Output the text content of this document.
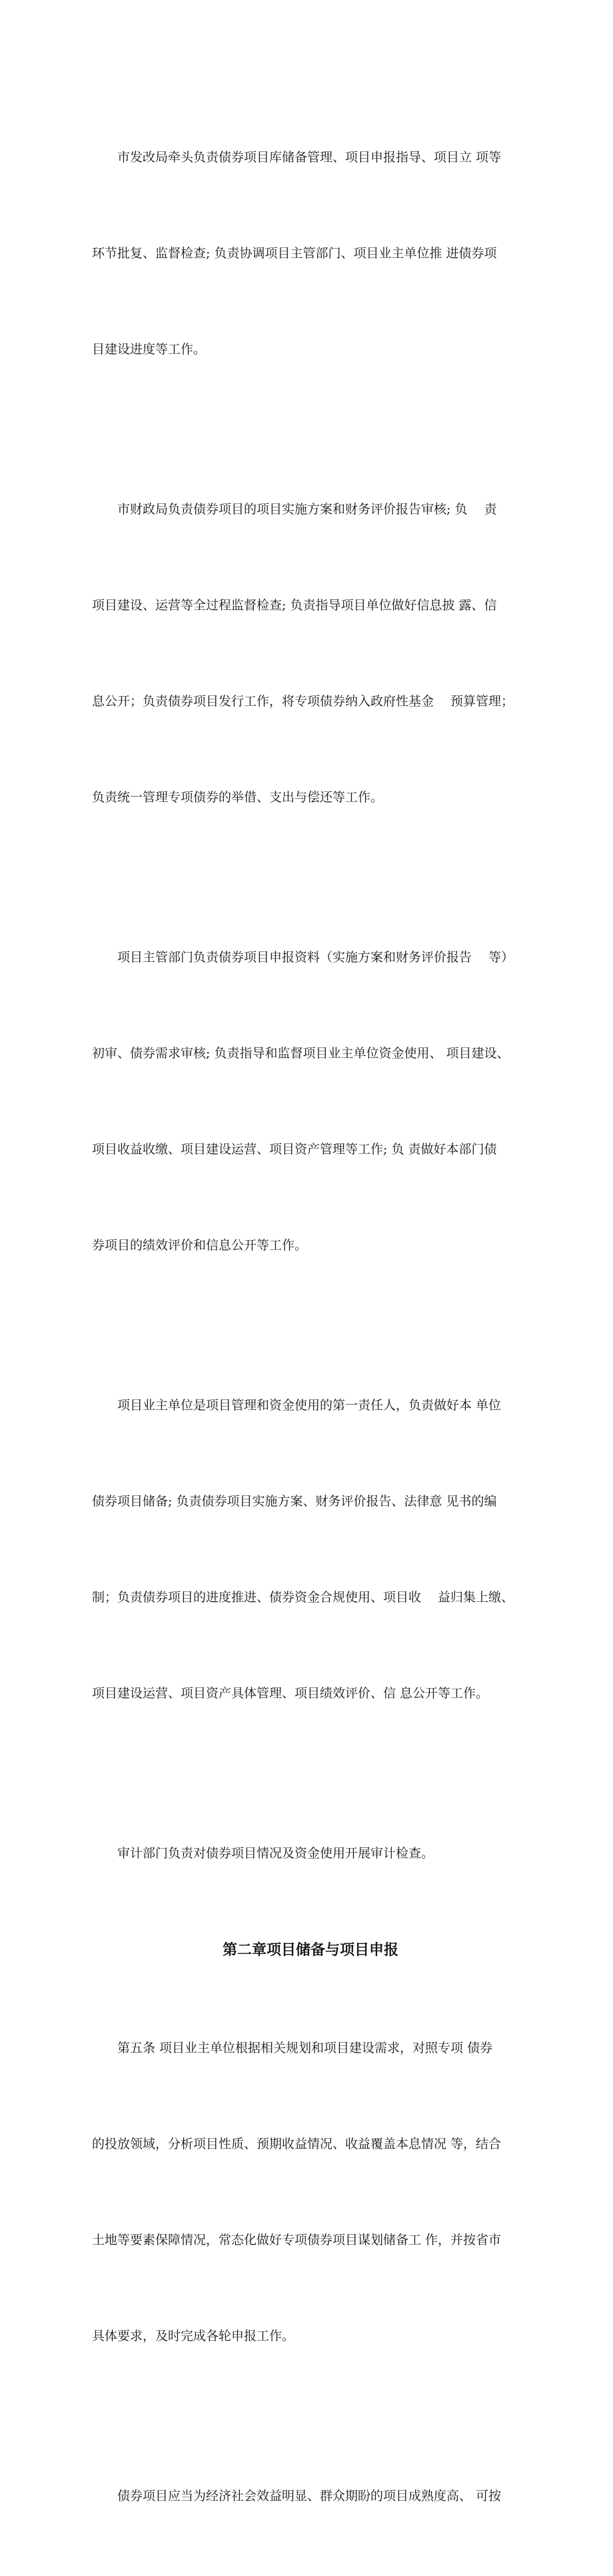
市发改局牵头负责债券项目库储备管理、项目申报指导、项目立 项等

环节批复、监督检查; 负责协调项目主管部门、项目业主单位推 进债券项

目建设进度等工作。

市财政局负责债券项目的项目实施方案和财务评价报告审核; 负　 责

项目建设、运营等全过程监督检查; 负责指导项目单位做好信息披 露、信

息公开；负责债券项目发行工作，将专项债券纳入政府性基金　 预算管理；

负责统一管理专项债券的举借、支出与偿还等工作。

项目主管部门负责债券项目申报资料（实施方案和财务评价报告　 等）

初审、债券需求审核; 负责指导和监督项目业主单位资金使用、 项目建设、

项目收益收缴、项目建设运营、项目资产管理等工作; 负 责做好本部门债

券项目的绩效评价和信息公开等工作。

项目业主单位是项目管理和资金使用的第一责任人，负责做好本 单位

债券项目储备; 负责债券项目实施方案、财务评价报告、法律意 见书的编

制；负责债券项目的进度推进、债券资金合规使用、项目收　 益归集上缴、

项目建设运营、项目资产具体管理、项目绩效评价、信 息公开等工作。

审计部门负责对债券项目情况及资金使用开展审计检查。

第二章项目储备与项目申报

第五条 项目业主单位根据相关规划和项目建设需求，对照专项 债券

的投放领域，分析项目性质、预期收益情况、收益覆盖本息情况 等，结合

土地等要素保障情况，常态化做好专项债券项目谋划储备工 作，并按省市

具体要求，及时完成各轮申报工作。

债券项目应当为经济社会效益明显、群众期盼的项目成熟度高、 可按
